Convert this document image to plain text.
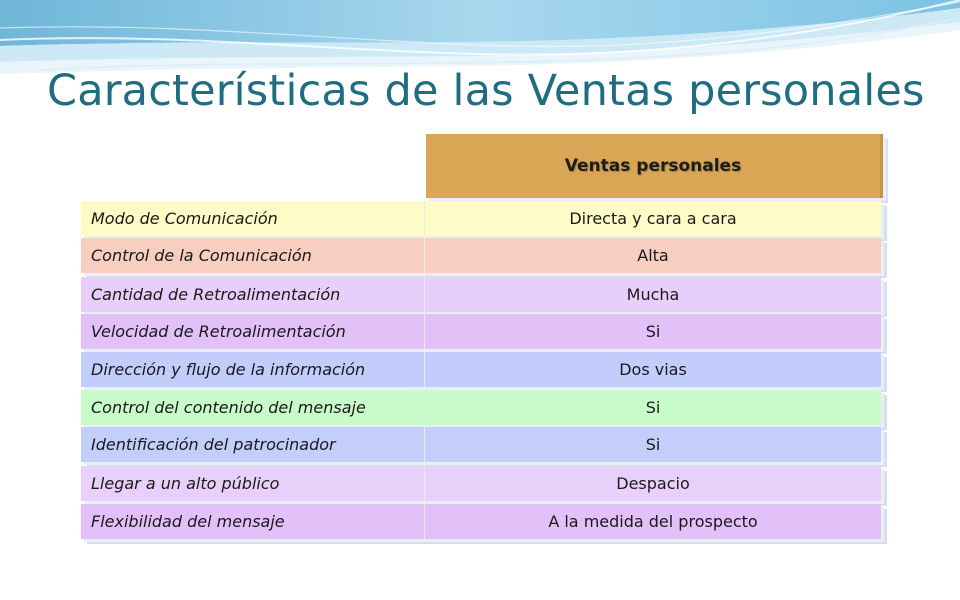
Características de las Ventas personales
Ventas personales
Modo de Comunicación	Directa y cara a cara
Control de la Comunicación	Alta
Cantidad de Retroalimentación	Mucha
Velocidad de Retroalimentación	Si
Dirección y flujo de la información	Dos vias
Control del contenido del mensaje	Si
Identificación del patrocinador	Si
Llegar a un alto público	Despacio
Flexibilidad del mensaje	A la medida del prospecto
